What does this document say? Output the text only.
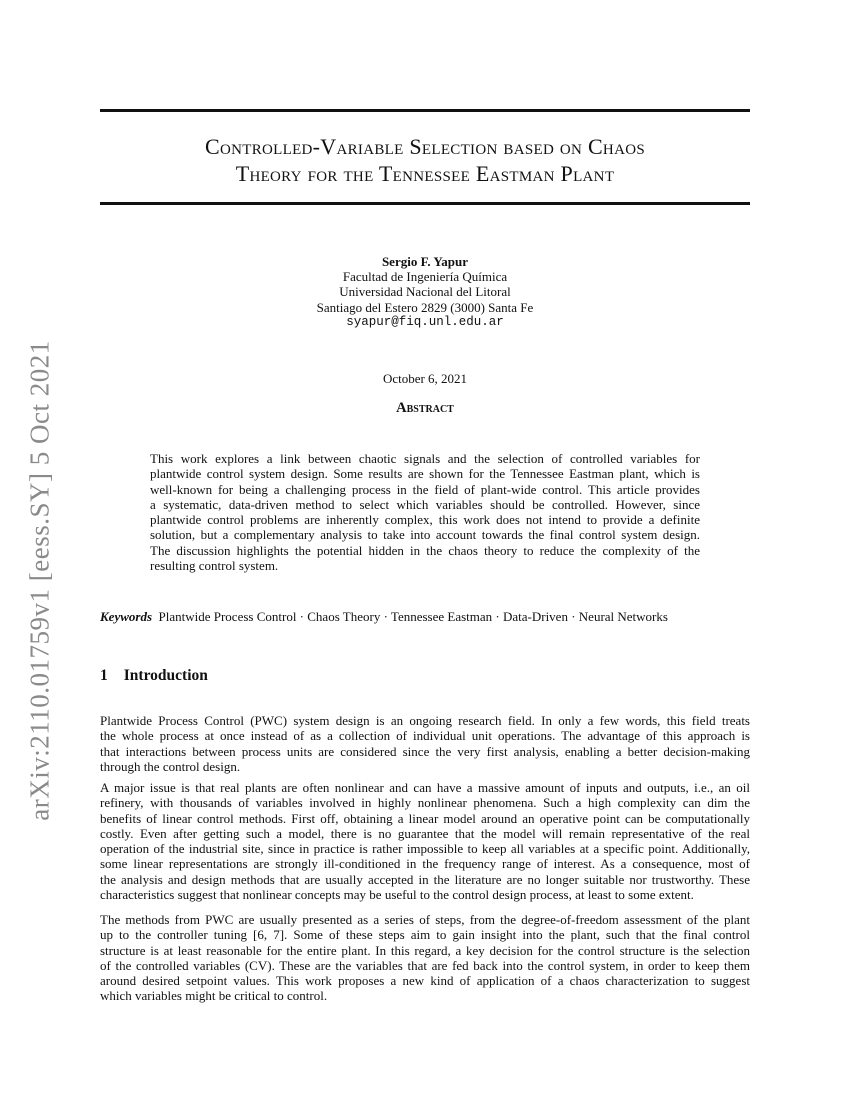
arXiv:2110.01759v1 [eess.SY] 5 Oct 2021
Controlled-Variable Selection based on Chaos
Theory for the Tennessee Eastman Plant
Sergio F. Yapur
Facultad de Ingeniería Química
Universidad Nacional del Litoral
Santiago del Estero 2829 (3000) Santa Fe
syapur@fiq.unl.edu.ar
October 6, 2021
Abstract
This work explores a link between chaotic signals and the selection of controlled variables for
plantwide control system design. Some results are shown for the Tennessee Eastman plant, which is
well-known for being a challenging process in the field of plant-wide control. This article provides
a systematic, data-driven method to select which variables should be controlled. However, since
plantwide control problems are inherently complex, this work does not intend to provide a definite
solution, but a complementary analysis to take into account towards the final control system design.
The discussion highlights the potential hidden in the chaos theory to reduce the complexity of the
resulting control system.
Keywords Plantwide Process Control · Chaos Theory · Tennessee Eastman · Data-Driven · Neural Networks
1 Introduction
Plantwide Process Control (PWC) system design is an ongoing research field. In only a few words, this field treats
the whole process at once instead of as a collection of individual unit operations. The advantage of this approach is
that interactions between process units are considered since the very first analysis, enabling a better decision-making
through the control design.
A major issue is that real plants are often nonlinear and can have a massive amount of inputs and outputs, i.e., an oil
refinery, with thousands of variables involved in highly nonlinear phenomena. Such a high complexity can dim the
benefits of linear control methods. First off, obtaining a linear model around an operative point can be computationally
costly. Even after getting such a model, there is no guarantee that the model will remain representative of the real
operation of the industrial site, since in practice is rather impossible to keep all variables at a specific point. Additionally,
some linear representations are strongly ill-conditioned in the frequency range of interest. As a consequence, most of
the analysis and design methods that are usually accepted in the literature are no longer suitable nor trustworthy. These
characteristics suggest that nonlinear concepts may be useful to the control design process, at least to some extent.
The methods from PWC are usually presented as a series of steps, from the degree-of-freedom assessment of the plant
up to the controller tuning [6, 7]. Some of these steps aim to gain insight into the plant, such that the final control
structure is at least reasonable for the entire plant. In this regard, a key decision for the control structure is the selection
of the controlled variables (CV). These are the variables that are fed back into the control system, in order to keep them
around desired setpoint values. This work proposes a new kind of application of a chaos characterization to suggest
which variables might be critical to control.
